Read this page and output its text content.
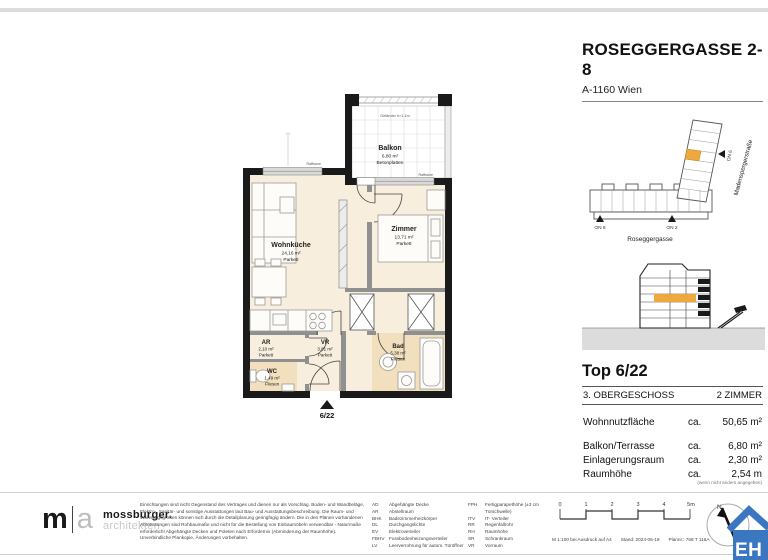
Raffstore
Raffstore
6/22
Balkon
6,80 m²
Betonplatten
Geländer h=1,1m
Wohnküche
24,16 m²
Parkett
Zimmer
13,71 m²
Parkett
AR
2,10 m²
Parkett
VR
3,81 m²
Parkett
Bad
5,38 m²
Fliesen
WC
1,49 m²
Fliesen
ROSEGGERGASSE 2-8
A-1160 Wien
ON 8	ON 2
ON 6
Roseggergasse
Madenspergerstraße
Top 6/22
3. OBERGESCHOSS	2 ZIMMER
Wohnnutzfläche	ca.	50,65 m²
Balkon/Terrasse	ca.	6,80 m²
Einlagerungsraum	ca.	2,30 m²
Raumhöhe	ca.	2,54 m
(wenn nicht anders angegeben)
m a mossburger.
architekten
Einrichtungen sind nicht Gegenstand des Vertrages und dienen nur als Vorschlag. Boden- und Wandbeläge, Elektro-, Sanitär- und sonstige Ausstattungen laut Bau- und Ausstattungsbeschreibung. Die Raum- und Wohnungsgrößen können sich durch die Detailplanung geringfügig ändern. Die in den Plänen vorhandenen Abmessungen sind Rohbaumaße und nicht für die Bestellung von Einbaumöbeln verwendbar - Naturmaße erforderlich! Abgehängte Decken und Poleten nach Erfordernis (Abminderung der Raumhöhe). Unverbindliche Plankopie, Änderungen vorbehalten.
AD	Abgehängte Decke
AR	Abstellraum
BHK	Badezimmerheizkörper
DL	Durchgangslichte
EV	Elektroverteiler
FBHV Fussbodenheizungsverteiler
LV	Leerverrohrung für autom. Türöffner
FPH	Fertigparapethöhe (±3 cm Türschwelle)
ITV	IT- Verteiler
RR	Regenfallrohr
RH	Raumhöhe
SR	Schrankraum
VR	Vorraum
0	1	2	3	4	5m
M 1:100 bei Ausdruck auf A4 Stand: 2024-06-19 Plannr.: 768 T 116A
N
EH
